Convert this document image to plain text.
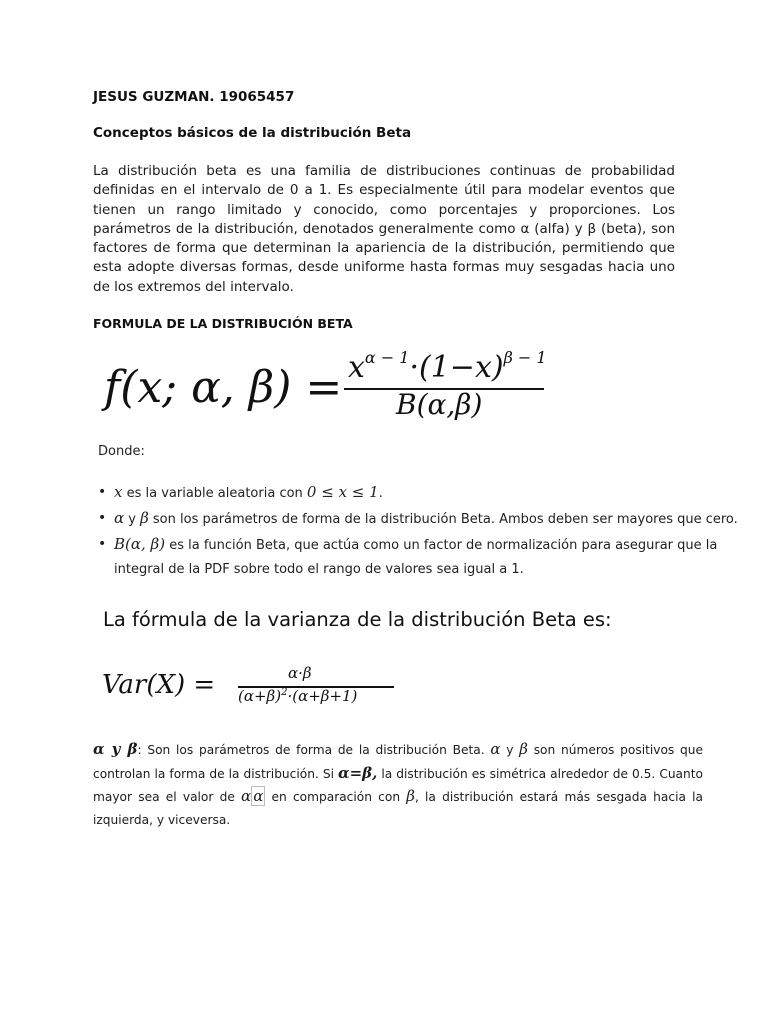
JESUS GUZMAN. 19065457
Conceptos básicos de la distribución Beta

La distribución beta es una familia de distribuciones continuas de probabilidad definidas en el intervalo de 0 a 1. Es especialmente útil para modelar eventos que tienen un rango limitado y conocido, como porcentajes y proporciones. Los parámetros de la distribución, denotados generalmente como α (alfa) y β (beta), son factores de forma que determinan la apariencia de la distribución, permitiendo que esta adopte diversas formas, desde uniforme hasta formas muy sesgadas hacia uno de los extremos del intervalo.

FORMULA DE LA DISTRIBUCIÓN BETA
f(x; α, $\beta) = x^{\alpha - 1}\cdot(1-x)^{\beta - 1}$
B(α,β)
Donde:
• x es la variable aleatoria con 0 ≤ x ≤ 1.
• α y β son los parámetros de forma de la distribución Beta. Ambos deben ser mayores que cero.
• B(α, β) es la función Beta, que actúa como un factor de normalización para asegurar que la integral de la PDF sobre todo el rango de valores sea igual a 1.
La fórmula de la varianza de la distribución Beta es:
Var(X) =	α·β
$(\alpha+\beta)^2\cdot(\alpha+\beta+1)$

α y β: Son los parámetros de forma de la distribución Beta. α y β son números positivos que controlan la forma de la distribución. Si α=β, la distribución es simétrica alrededor de 0.5. Cuanto mayor sea el valor de α α en comparación con β, la distribución estará más sesgada hacia la izquierda, y viceversa.
